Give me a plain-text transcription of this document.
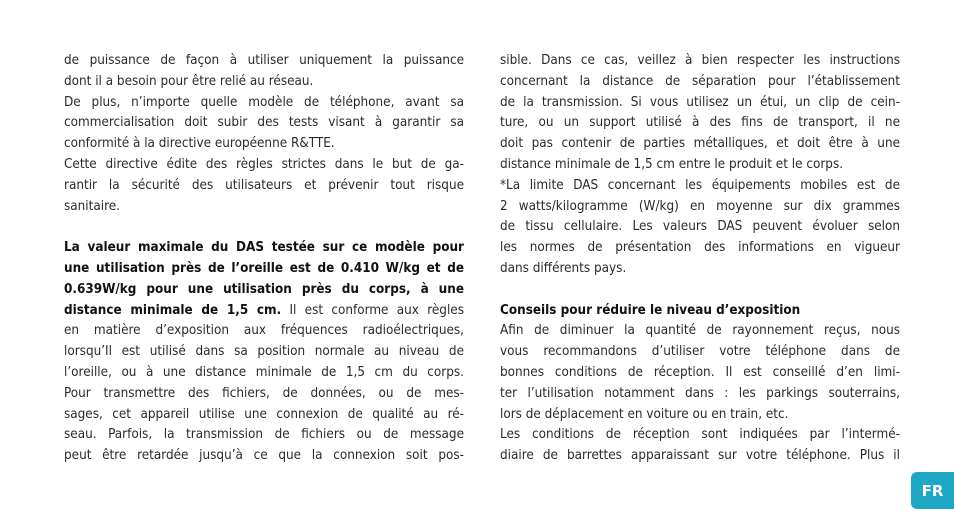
de puissance de façon à utiliser uniquement la puissance
dont il a besoin pour être relié au réseau.
De plus, n’importe quelle modèle de téléphone, avant sa
commercialisation doit subir des tests visant à garantir sa
conformité à la directive européenne R&TTE.
Cette directive édite des règles strictes dans le but de ga-
rantir la sécurité des utilisateurs et prévenir tout risque
sanitaire.
La valeur maximale du DAS testée sur ce modèle pour
une utilisation près de l’oreille est de 0.410 W/kg et de
0.639W/kg pour une utilisation près du corps, à une
distance minimale de 1,5 cm. Il est conforme aux règles
en matière d’exposition aux fréquences radioélectriques,
lorsqu’Il est utilisé dans sa position normale au niveau de
l’oreille, ou à une distance minimale de 1,5 cm du corps.
Pour transmettre des fichiers, de données, ou de mes-
sages, cet appareil utilise une connexion de qualité au ré-
seau. Parfois, la transmission de fichiers ou de message
peut être retardée jusqu’à ce que la connexion soit pos-
sible. Dans ce cas, veillez à bien respecter les instructions
concernant la distance de séparation pour l’établissement
de la transmission. Si vous utilisez un étui, un clip de cein-
ture, ou un support utilisé à des fins de transport, il ne
doit pas contenir de parties métalliques, et doit être à une
distance minimale de 1,5 cm entre le produit et le corps.
*La limite DAS concernant les équipements mobiles est de
2 watts/kilogramme (W/kg) en moyenne sur dix grammes
de tissu cellulaire. Les valeurs DAS peuvent évoluer selon
les normes de présentation des informations en vigueur
dans différents pays.
Conseils pour réduire le niveau d’exposition
Afin de diminuer la quantité de rayonnement reçus, nous
vous recommandons d’utiliser votre téléphone dans de
bonnes conditions de réception. Il est conseillé d’en limi-
ter l’utilisation notamment dans : les parkings souterrains,
lors de déplacement en voiture ou en train, etc.
Les conditions de réception sont indiquées par l’intermé-
diaire de barrettes apparaissant sur votre téléphone. Plus il
FR
